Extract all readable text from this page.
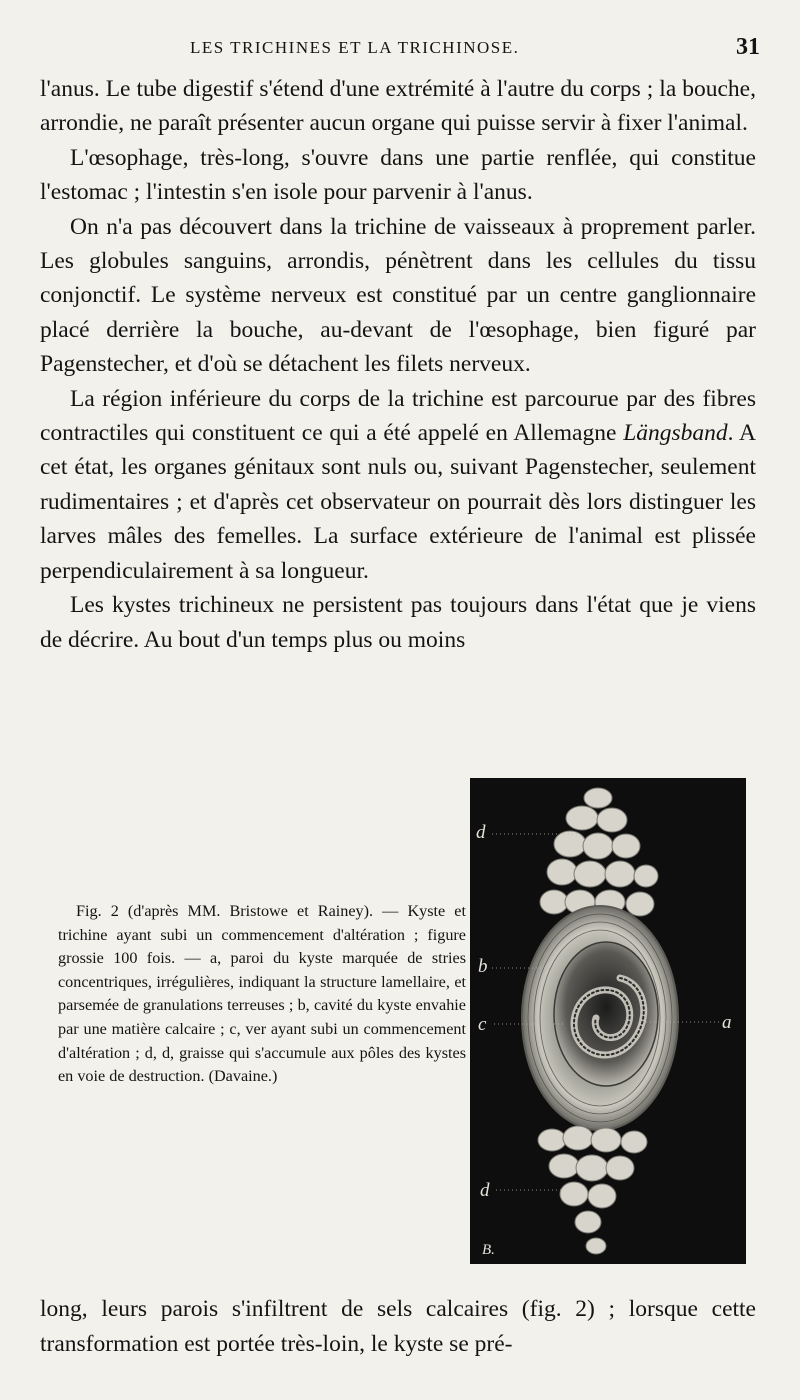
LES TRICHINES ET LA TRICHINOSE.	31

l'anus. Le tube digestif s'étend d'une extrémité à l'autre du corps ; la bouche, arrondie, ne paraît présenter aucun organe qui puisse servir à fixer l'animal.

L'œsophage, très-long, s'ouvre dans une partie renflée, qui constitue l'estomac ; l'intestin s'en isole pour parvenir à l'anus.

On n'a pas découvert dans la trichine de vaisseaux à proprement parler. Les globules sanguins, arrondis, pénètrent dans les cellules du tissu conjonctif. Le système nerveux est constitué par un centre ganglionnaire placé derrière la bouche, au-devant de l'œsophage, bien figuré par Pagenstecher, et d'où se détachent les filets nerveux.

La région inférieure du corps de la trichine est parcourue par des fibres contractiles qui constituent ce qui a été appelé en Allemagne Längsband. A cet état, les organes génitaux sont nuls ou, suivant Pagenstecher, seulement rudimentaires ; et d'après cet observateur on pourrait dès lors distinguer les larves mâles des femelles. La surface extérieure de l'animal est plissée perpendiculairement à sa longueur.

Les kystes trichineux ne persistent pas toujours dans l'état que je viens de décrire. Au bout d'un temps plus ou moins

Fig. 2 (d'après MM. Bristowe et Rainey). — Kyste et trichine ayant subi un commencement d'altération ; figure grossie 100 fois. — a, paroi du kyste marquée de stries concentriques, irrégulières, indiquant la structure lamellaire, et parsemée de granulations terreuses ; b, cavité du kyste envahie par une matière calcaire ; c, ver ayant subi un commencement d'altération ; d, d, graisse qui s'accumule aux pôles des kystes en voie de destruction. (Davaine.)

d
b
c	a
d
B.

long, leurs parois s'infiltrent de sels calcaires (fig. 2) ; lorsque cette transformation est portée très-loin, le kyste se pré-
